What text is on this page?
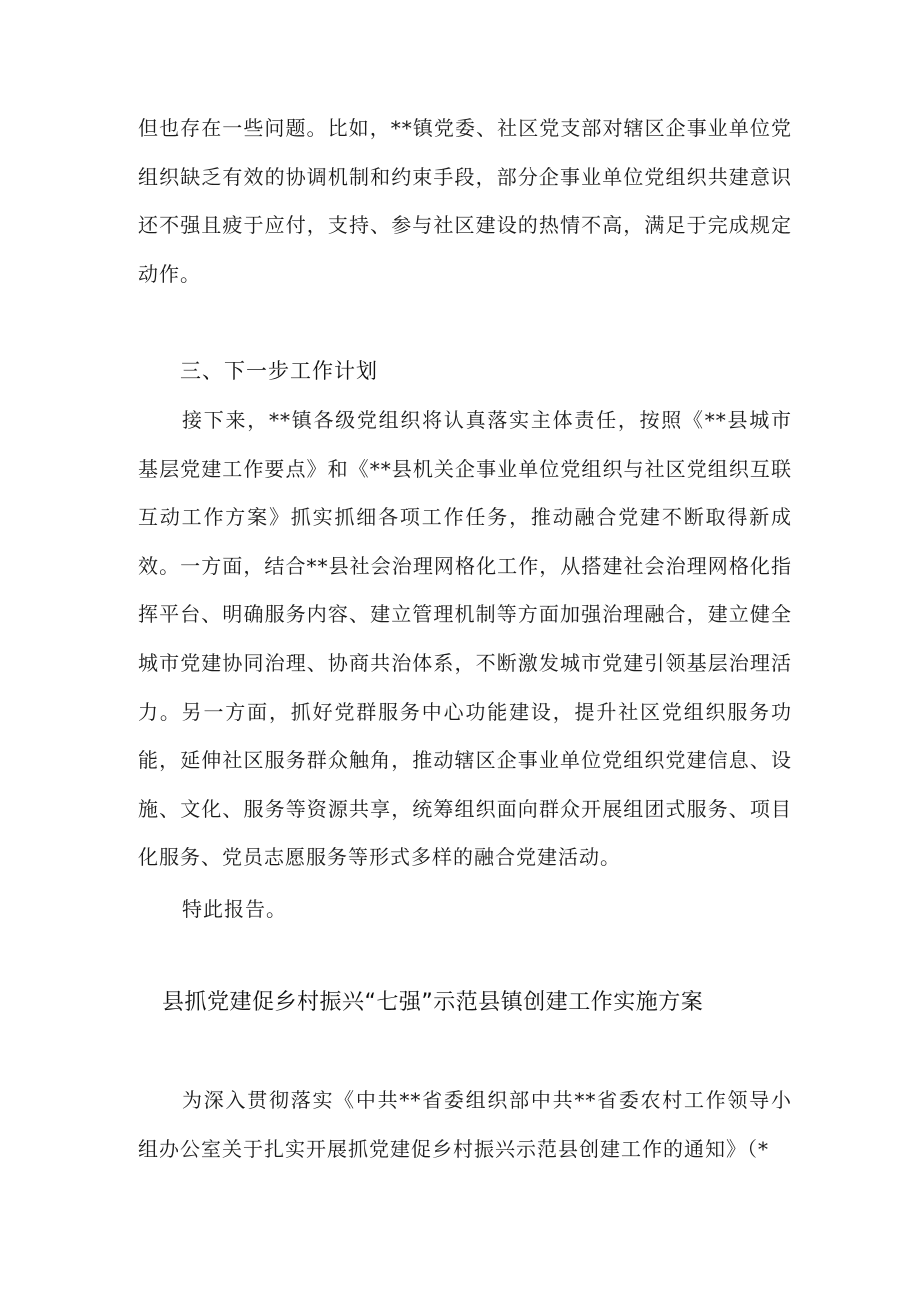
但也存在一些问题。比如，**镇党委、社区党支部对辖区企事业单位党组织缺乏有效的协调机制和约束手段，部分企事业单位党组织共建意识还不强且疲于应付，支持、参与社区建设的热情不高，满足于完成规定动作。

三、下一步工作计划

接下来，**镇各级党组织将认真落实主体责任，按照《**县城市基层党建工作要点》和《**县机关企事业单位党组织与社区党组织互联互动工作方案》抓实抓细各项工作任务，推动融合党建不断取得新成效。一方面，结合**县社会治理网格化工作，从搭建社会治理网格化指挥平台、明确服务内容、建立管理机制等方面加强治理融合，建立健全城市党建协同治理、协商共治体系，不断激发城市党建引领基层治理活力。另一方面，抓好党群服务中心功能建设，提升社区党组织服务功能，延伸社区服务群众触角，推动辖区企事业单位党组织党建信息、设施、文化、服务等资源共享，统筹组织面向群众开展组团式服务、项目化服务、党员志愿服务等形式多样的融合党建活动。

特此报告。

县抓党建促乡村振兴“七强”示范县镇创建工作实施方案

为深入贯彻落实《中共**省委组织部中共**省委农村工作领导小组办公室关于扎实开展抓党建促乡村振兴示范县创建工作的通知》（*
